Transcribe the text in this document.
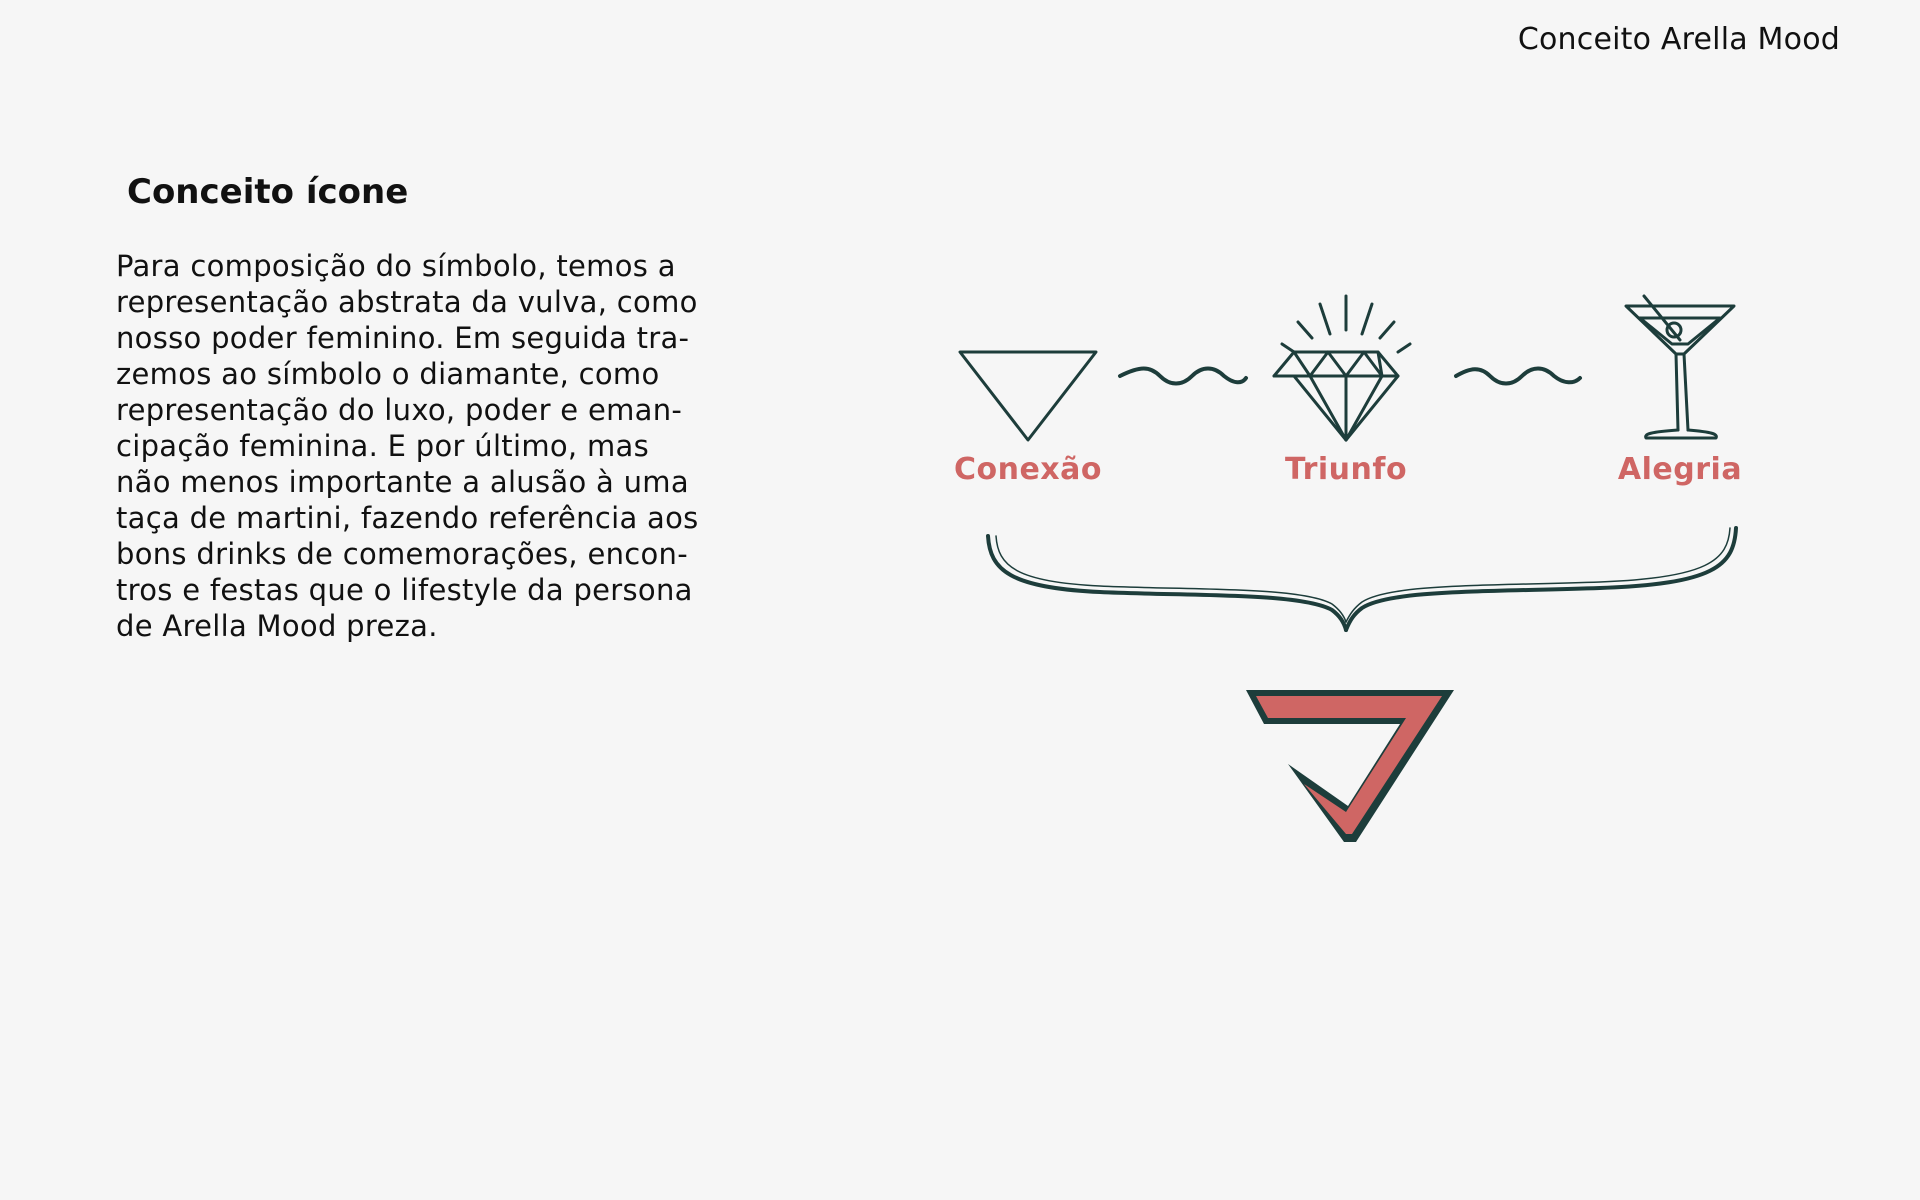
Conceito Arella Mood
Conceito ícone

Para composição do símbolo, temos a

representação abstrata da vulva, como

nosso poder feminino. Em seguida tra-

zemos ao símbolo o diamante, como

representação do luxo, poder e eman-

cipação feminina. E por último, mas

não menos importante a alusão à uma

taça de martini, fazendo referência aos

bons drinks de comemorações, encon-

tros e festas que o lifestyle da persona

de Arella Mood preza.

Conexão	Triunfo	Alegria
